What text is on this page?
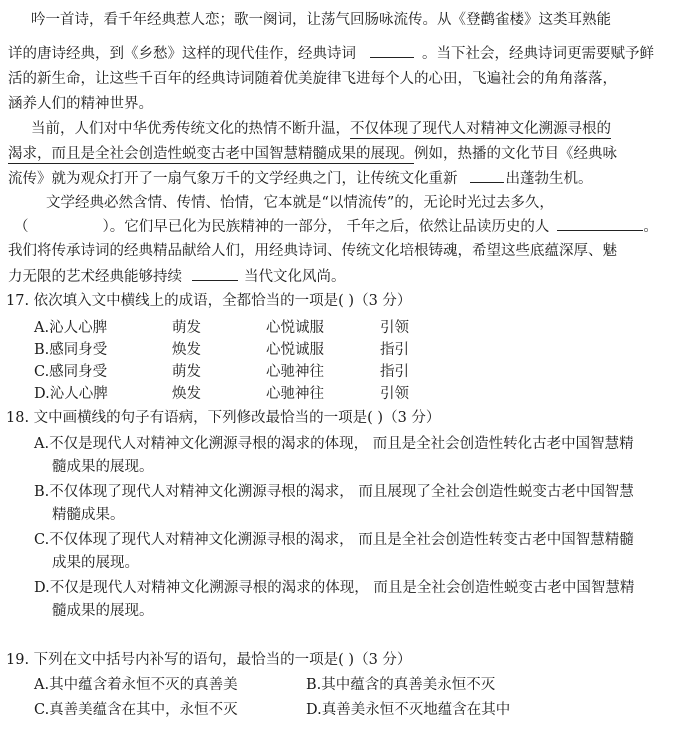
吟一首诗，看千年经典惹人恋；歌一阕词，让荡气回肠咏流传。从《登鹳雀楼》这类耳熟能
详的唐诗经典，到《乡愁》这样的现代佳作，经典诗词	。当下社会，经典诗词更需要赋予鲜
活的新生命，让这些千百年的经典诗词随着优美旋律飞进每个人的心田，飞遍社会的角角落落，
涵养人们的精神世界。
当前，人们对中华优秀传统文化的热情不断升温，不仅体现了现代人对精神文化溯源寻根的
渴求，而且是全社会创造性蜕变古老中国智慧精髓成果的展现。例如，热播的文化节目《经典咏
流传》就为观众打开了一扇气象万千的文学经典之门，让传统文化重新	出蓬勃生机。
文学经典必然含情、传情、怡情，它本就是“以情流传”的，无论时光过去多久，
（	）。它们早已化为民族精神的一部分， 千年之后，依然让品读历史的人	。
我们将传承诗词的经典精品献给人们，用经典诗词、传统文化培根铸魂，希望这些底蕴深厚、魅
力无限的艺术经典能够持续	当代文化风尚。
17. 依次填入文中横线上的成语，全都恰当的一项是( )（3 分）
A.沁人心脾	萌发	心悦诚服	引领
B.感同身受	焕发	心悦诚服	指引
C.感同身受	萌发	心驰神往	指引
D.沁人心脾	焕发	心驰神往	引领
18. 文中画横线的句子有语病，下列修改最恰当的一项是( )（3 分）
A.不仅是现代人对精神文化溯源寻根的渴求的体现， 而且是全社会创造性转化古老中国智慧精
髓成果的展现。
B.不仅体现了现代人对精神文化溯源寻根的渴求， 而且展现了全社会创造性蜕变古老中国智慧
精髓成果。
C.不仅体现了现代人对精神文化溯源寻根的渴求， 而且是全社会创造性转变古老中国智慧精髓
成果的展现。
D.不仅是现代人对精神文化溯源寻根的渴求的体现， 而且是全社会创造性蜕变古老中国智慧精
髓成果的展现。
19. 下列在文中括号内补写的语句，最恰当的一项是( )（3 分）
A.其中蕴含着永恒不灭的真善美	B.其中蕴含的真善美永恒不灭
C.真善美蕴含在其中，永恒不灭	D.真善美永恒不灭地蕴含在其中
